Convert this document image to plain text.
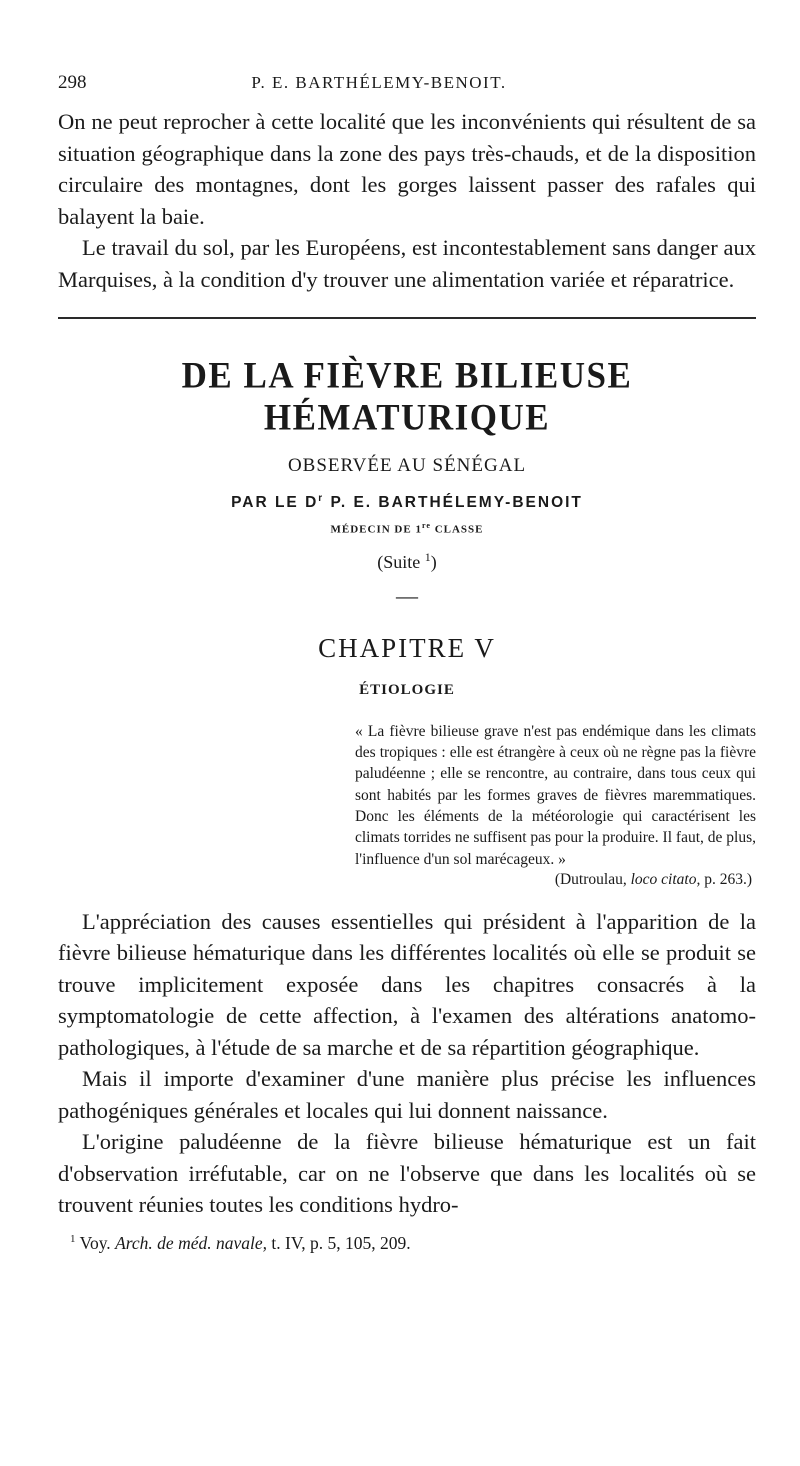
298	P. E. BARTHÉLEMY-BENOIT.

On ne peut reprocher à cette localité que les inconvénients qui résultent de sa situation géographique dans la zone des pays très-chauds, et de la disposition circulaire des montagnes, dont les gorges laissent passer des rafales qui balayent la baie.

Le travail du sol, par les Européens, est incontestablement sans danger aux Marquises, à la condition d'y trouver une alimentation variée et réparatrice.

DE LA FIÈVRE BILIEUSE HÉMATURIQUE
OBSERVÉE AU SÉNÉGAL
PAR LE $D^r$ P. E. BARTHÉLEMY-BENOIT
MÉDECIN DE 1re CLASSE
(Suite $^1$)
—
CHAPITRE V
ÉTIOLOGIE

« La fièvre bilieuse grave n'est pas endémique dans les climats des tropiques : elle est étrangère à ceux où ne règne pas la fièvre paludéenne ; elle se rencontre, au contraire, dans tous ceux qui sont habités par les formes graves de fièvres maremmatiques. Donc les éléments de la météorologie qui caractérisent les climats torrides ne suffisent pas pour la produire. Il faut, de plus, l'influence d'un sol marécageux. »

(Dutroulau, loco citato, p. 263.)

L'appréciation des causes essentielles qui président à l'apparition de la fièvre bilieuse hématurique dans les différentes localités où elle se produit se trouve implicitement exposée dans les chapitres consacrés à la symptomatologie de cette affection, à l'examen des altérations anatomo-pathologiques, à l'étude de sa marche et de sa répartition géographique.

Mais il importe d'examiner d'une manière plus précise les influences pathogéniques générales et locales qui lui donnent naissance.

L'origine paludéenne de la fièvre bilieuse hématurique est un fait d'observation irréfutable, car on ne l'observe que dans les localités où se trouvent réunies toutes les conditions hydro-

$^1$ Voy. Arch. de méd. navale, t. IV, p. 5, 105, 209.
